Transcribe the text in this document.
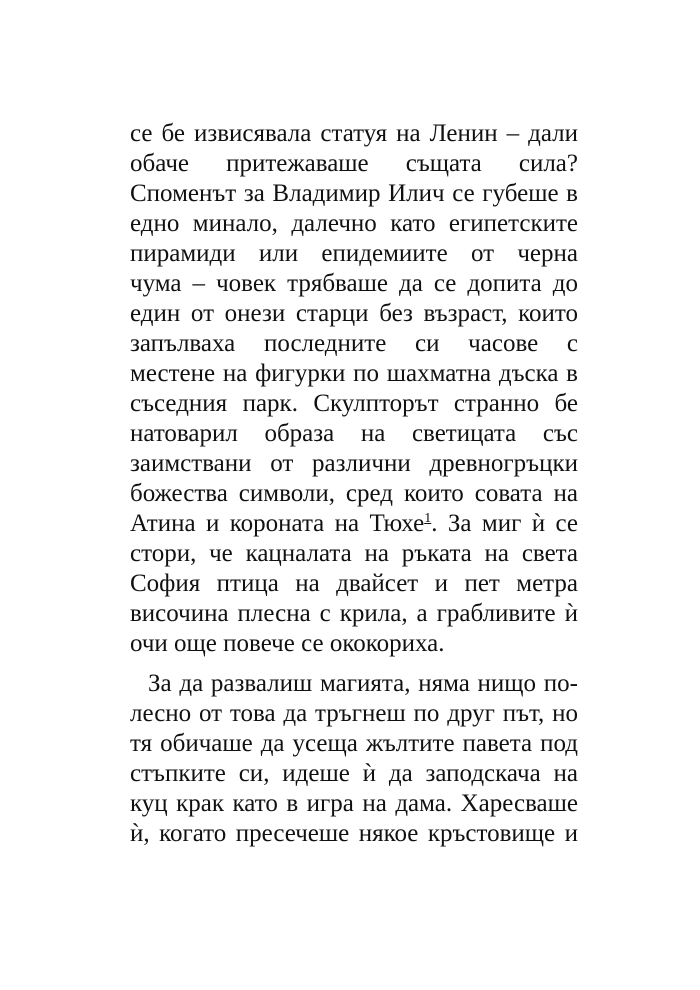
се бе извисявала статуя на Ленин – дали
обаче притежаваше същата сила?
Споменът за Владимир Илич се губеше в
едно минало, далечно като египетските
пирамиди или епидемиите от черна
чума – човек трябваше да се допита до
един от онези старци без възраст, които
запълваха последните си часове с
местене на фигурки по шахматна дъска в
съседния парк. Скулпторът странно бе
натоварил образа на светицата със
заимствани от различни древногръцки
божества символи, сред които совата на
Атина и короната на Тюхе$^1$. За миг ѝ се
стори, че кацналата на ръката на света
София птица на двайсет и пет метра
височина плесна с крила, а грабливите ѝ
очи още повече се ококориха.
За да развалиш магията, няма нищо по-
лесно от това да тръгнеш по друг път, но
тя обичаше да усеща жълтите павета под
стъпките си, идеше ѝ да заподскача на
куц крак като в игра на дама. Харесваше
ѝ, когато пресечеше някое кръстовище и
